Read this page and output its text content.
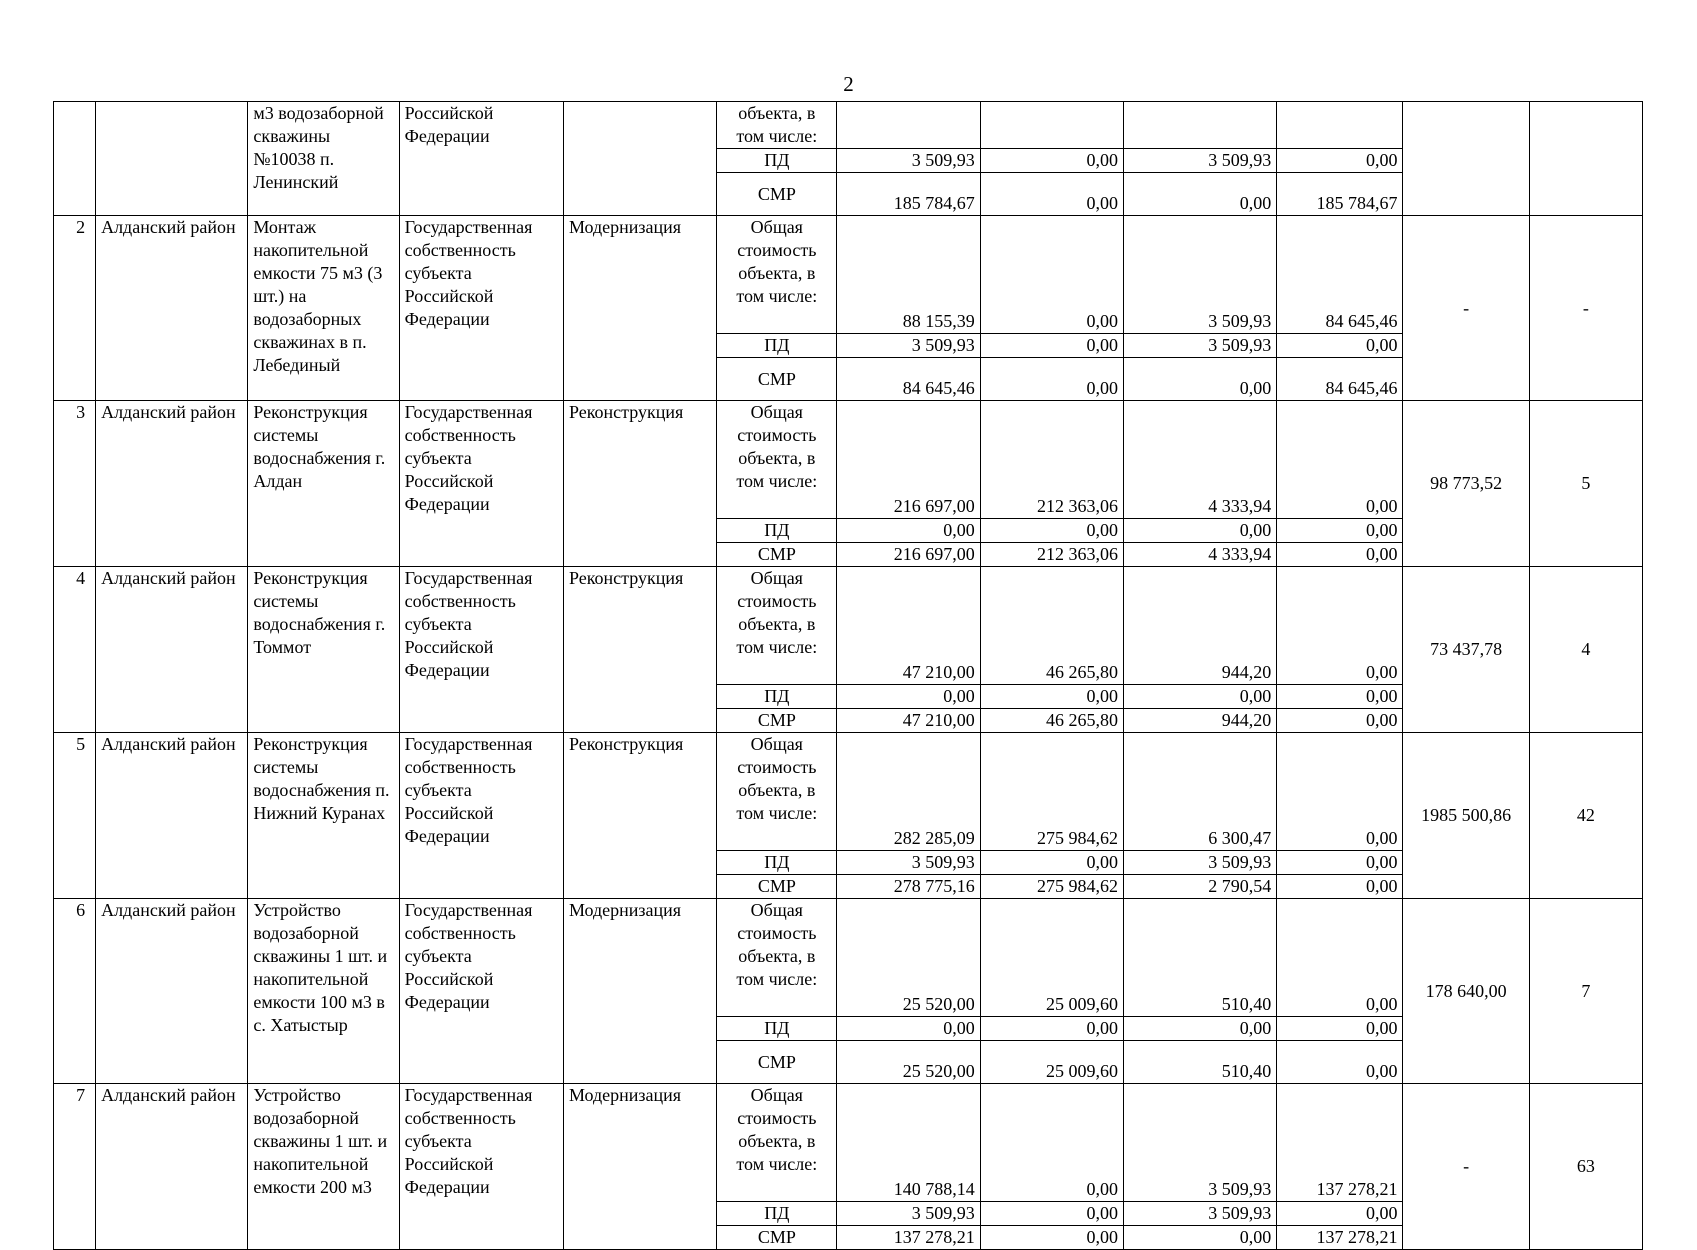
2
		м3 водозаборной скважины №10038 п. Ленинский	Российской Федерации		объекта, в том числе:						
					ПД	3 509,93	0,00	3 509,93	0,00		
					СМР	185 784,67	0,00	0,00	185 784,67		
2	Алданский район	Монтаж накопительной емкости 75 м3 (3 шт.) на водозаборных скважинах в п. Лебединый	Государственная собственность субъекта Российской Федерации	Модернизация	Общая стоимость объекта, в том числе:	88 155,39	0,00	3 509,93	84 645,46	-	-
					ПД	3 509,93	0,00	3 509,93	0,00		
					СМР	84 645,46	0,00	0,00	84 645,46		
3	Алданский район	Реконструкция системы водоснабжения г. Алдан	Государственная собственность субъекта Российской Федерации	Реконструкция	Общая стоимость объекта, в том числе:	216 697,00	212 363,06	4 333,94	0,00	98 773,52	5
					ПД	0,00	0,00	0,00	0,00		
					СМР	216 697,00	212 363,06	4 333,94	0,00		
4	Алданский район	Реконструкция системы водоснабжения г. Томмот	Государственная собственность субъекта Российской Федерации	Реконструкция	Общая стоимость объекта, в том числе:	47 210,00	46 265,80	944,20	0,00	73 437,78	4
					ПД	0,00	0,00	0,00	0,00		
					СМР	47 210,00	46 265,80	944,20	0,00		
5	Алданский район	Реконструкция системы водоснабжения п. Нижний Куранах	Государственная собственность субъекта Российской Федерации	Реконструкция	Общая стоимость объекта, в том числе:	282 285,09	275 984,62	6 300,47	0,00	1985 500,86	42
					ПД	3 509,93	0,00	3 509,93	0,00		
					СМР	278 775,16	275 984,62	2 790,54	0,00		
6	Алданский район	Устройство водозаборной скважины 1 шт. и накопительной емкости 100 м3 в с. Хатыстыр	Государственная собственность субъекта Российской Федерации	Модернизация	Общая стоимость объекта, в том числе:	25 520,00	25 009,60	510,40	0,00	178 640,00	7
					ПД	0,00	0,00	0,00	0,00		
					СМР	25 520,00	25 009,60	510,40	0,00		
7	Алданский район	Устройство водозаборной скважины 1 шт. и накопительной емкости 200 м3	Государственная собственность субъекта Российской Федерации	Модернизация	Общая стоимость объекта, в том числе:	140 788,14	0,00	3 509,93	137 278,21	-	63
					ПД	3 509,93	0,00	3 509,93	0,00		
					СМР	137 278,21	0,00	0,00	137 278,21		
